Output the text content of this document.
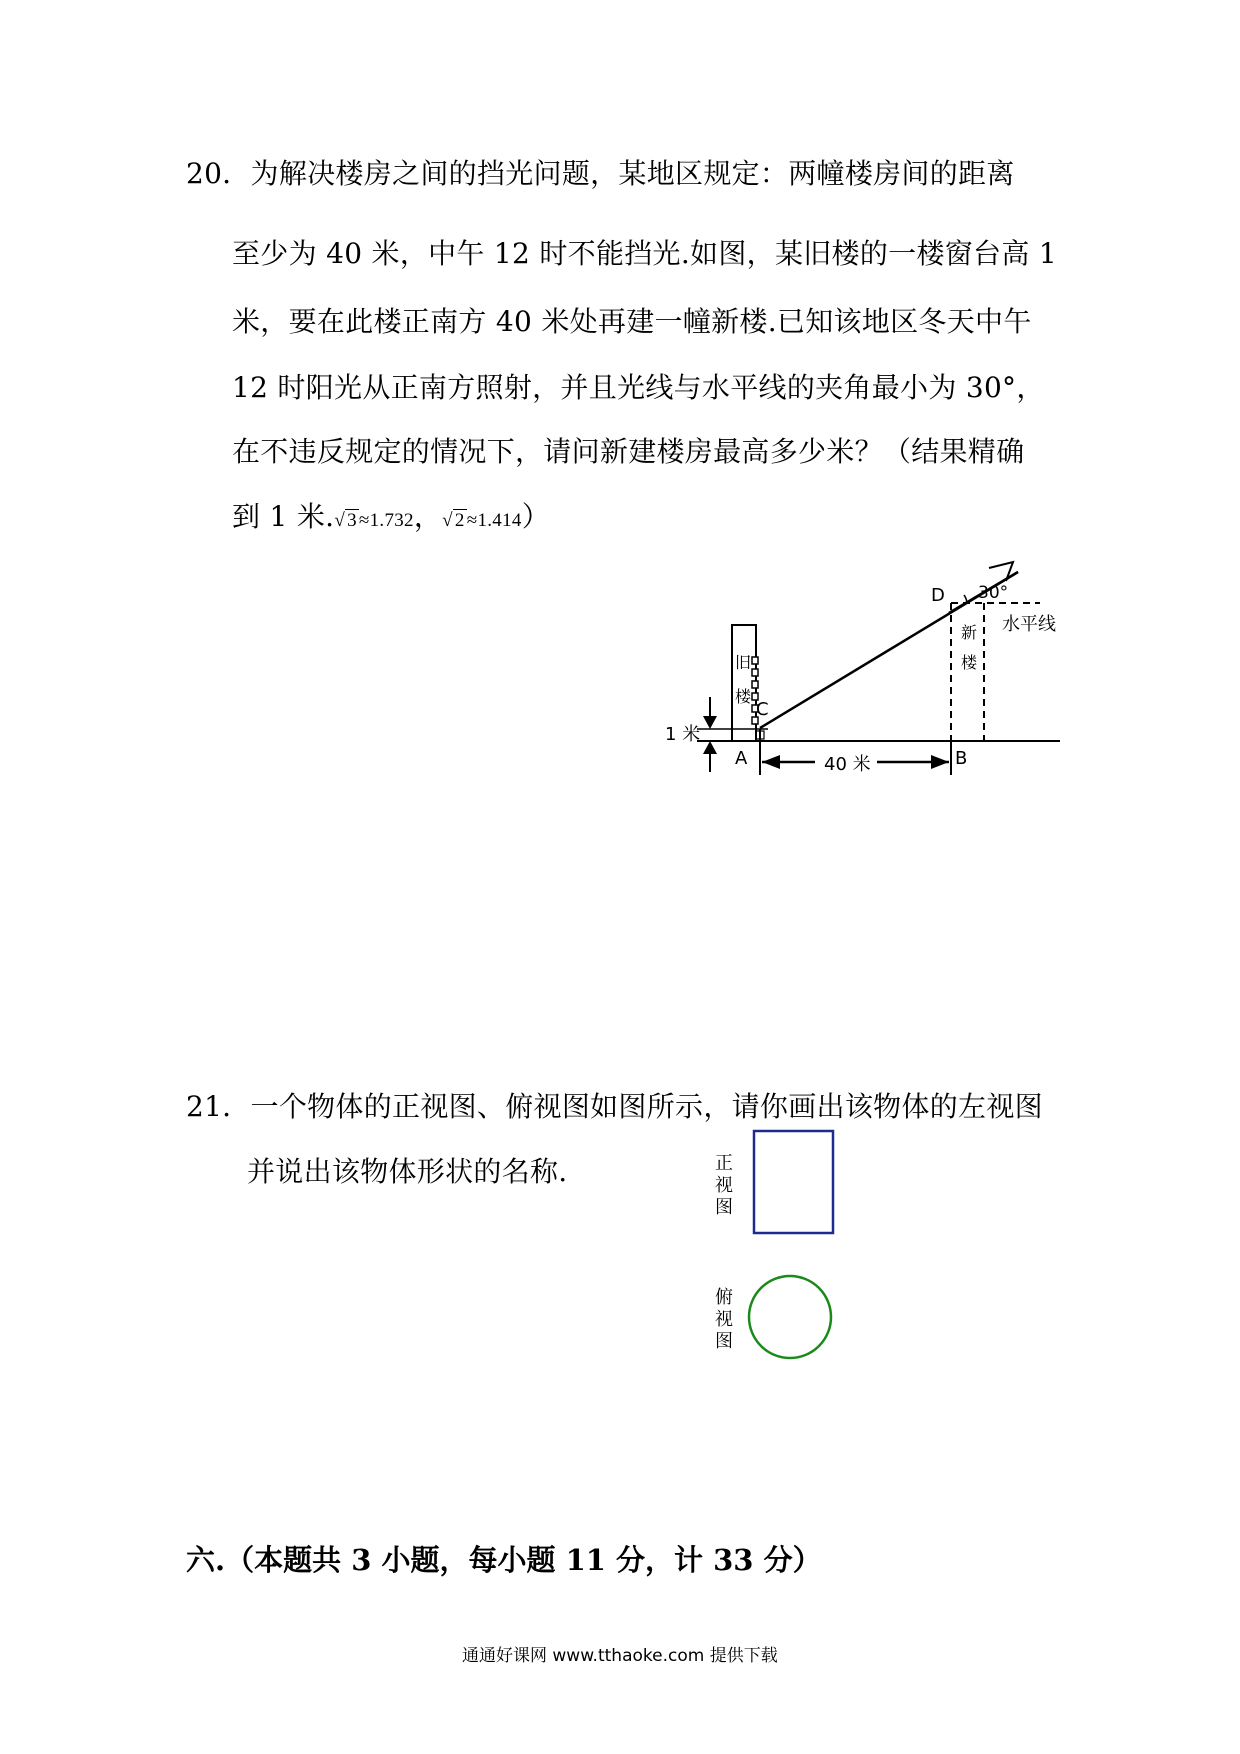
20．为解决楼房之间的挡光问题，某地区规定：两幢楼房间的距离
至少为 40 米，中午 12 时不能挡光.如图，某旧楼的一楼窗台高 1
米，要在此楼正南方 40 米处再建一幢新楼.已知该地区冬天中午
12 时阳光从正南方照射，并且光线与水平线的夹角最小为 30°，
在不违反规定的情况下，请问新建楼房最高多少米？（结果精确
到 1 米.√ 3 ≈1.732，√ 2 ≈1.414）
D 30°
水平线
新
楼
旧
楼
C
A	B
1 米
40 米
21．一个物体的正视图、俯视图如图所示，请你画出该物体的左视图
并说出该物体形状的名称.	正
视
图
俯
视
图
六.（本题共 3 小题，每小题 11 分，计 33 分）
通通好课网 www.tthaoke.com 提供下载
